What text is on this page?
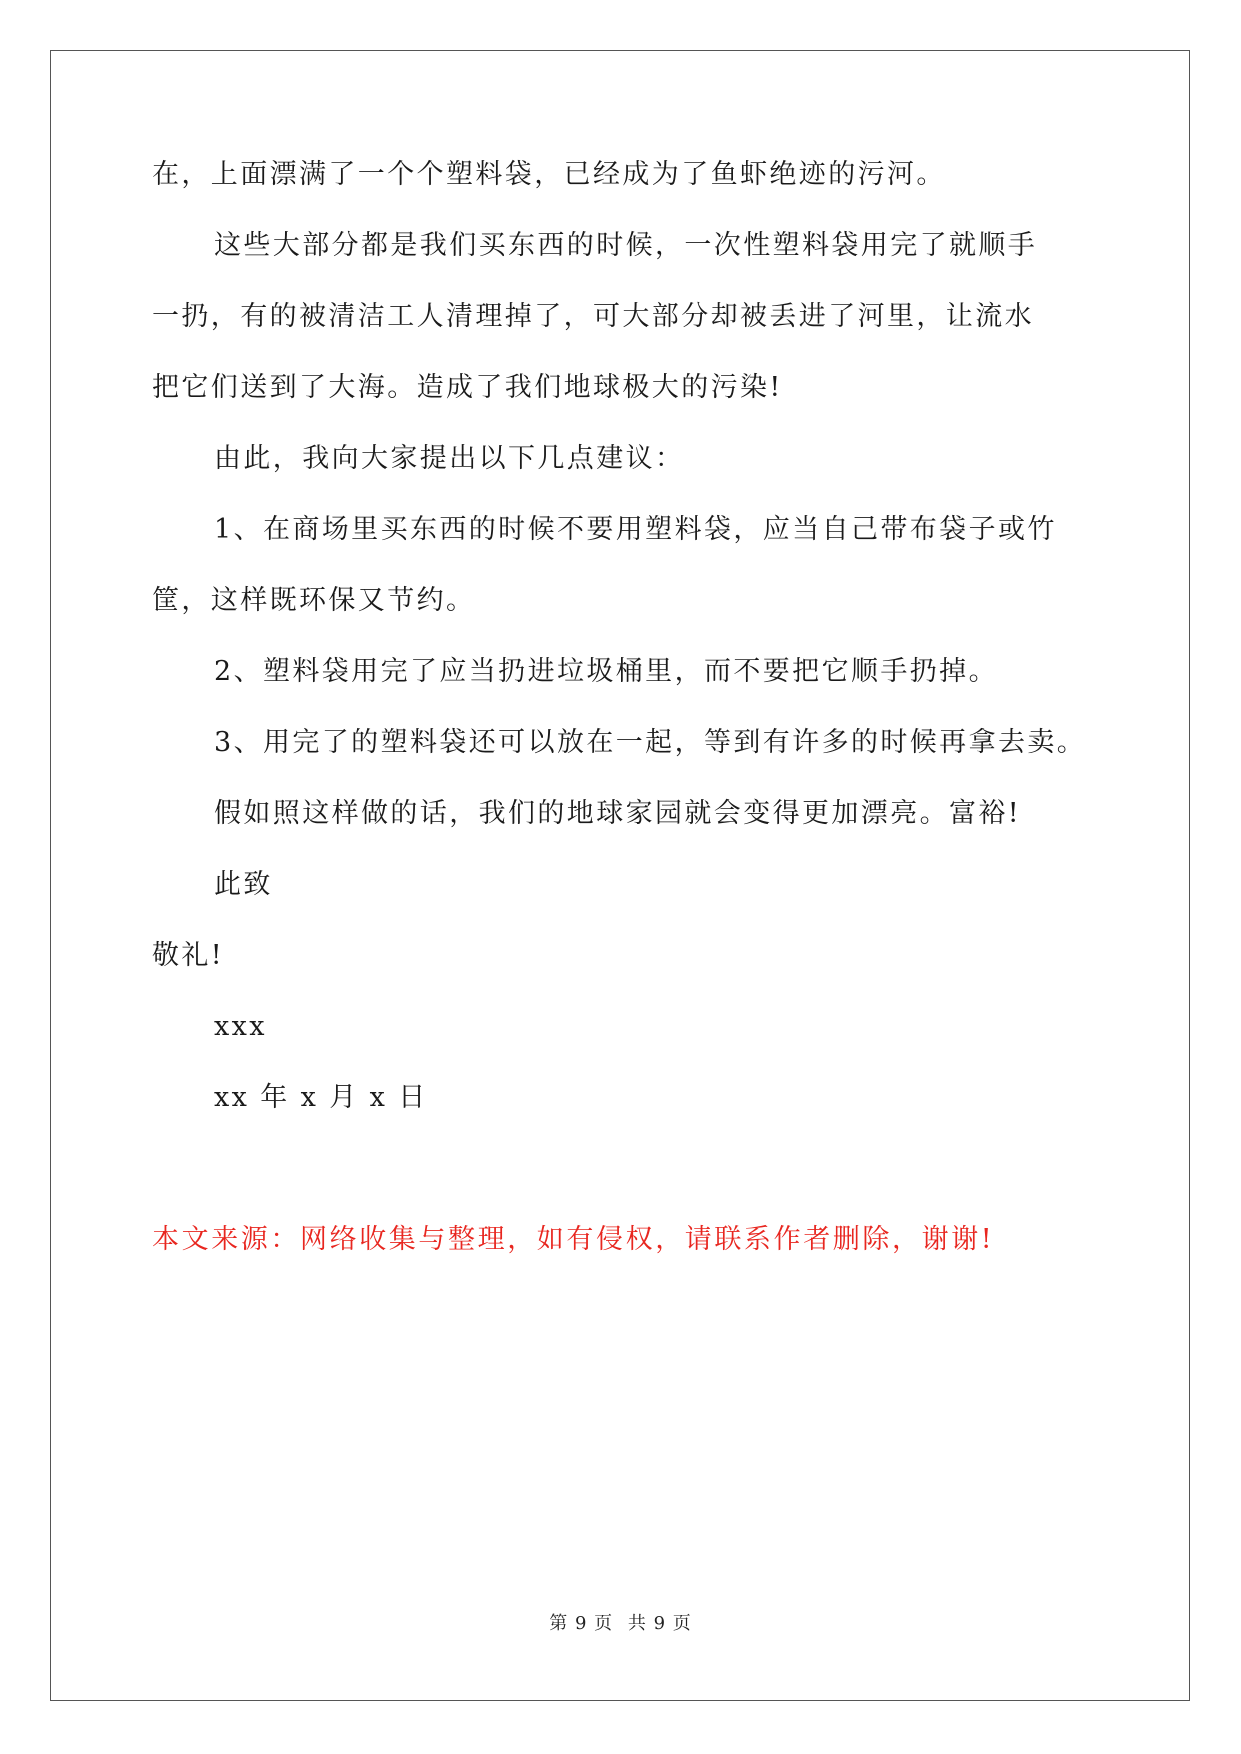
在，上面漂满了一个个塑料袋，已经成为了鱼虾绝迹的污河。
这些大部分都是我们买东西的时候，一次性塑料袋用完了就顺手
一扔，有的被清洁工人清理掉了，可大部分却被丢进了河里，让流水
把它们送到了大海。造成了我们地球极大的污染!
由此，我向大家提出以下几点建议：
1、在商场里买东西的时候不要用塑料袋，应当自己带布袋子或竹
筐，这样既环保又节约。
2、塑料袋用完了应当扔进垃圾桶里，而不要把它顺手扔掉。
3、用完了的塑料袋还可以放在一起，等到有许多的时候再拿去卖。
假如照这样做的话，我们的地球家园就会变得更加漂亮。富裕!
此致
敬礼!
xxx
xx 年 x 月 x 日
本文来源：网络收集与整理，如有侵权，请联系作者删除，谢谢!
第 9 页 共 9 页
